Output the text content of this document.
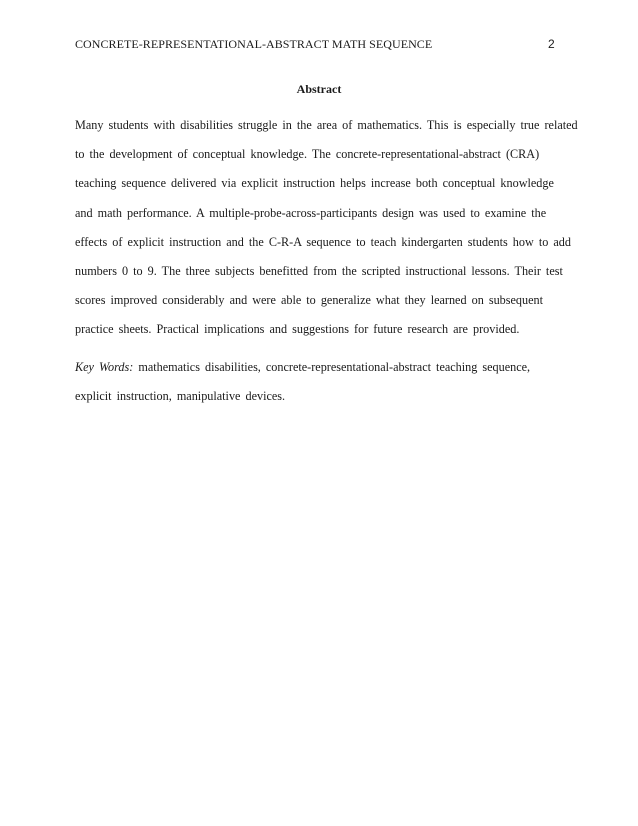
CONCRETE-REPRESENTATIONAL-ABSTRACT MATH SEQUENCE	2
Abstract
Many students with disabilities struggle in the area of mathematics. This is especially true related
to the development of conceptual knowledge. The concrete-representational-abstract (CRA)
teaching sequence delivered via explicit instruction helps increase both conceptual knowledge
and math performance. A multiple-probe-across-participants design was used to examine the
effects of explicit instruction and the C-R-A sequence to teach kindergarten students how to add
numbers 0 to 9. The three subjects benefitted from the scripted instructional lessons. Their test
scores improved considerably and were able to generalize what they learned on subsequent
practice sheets. Practical implications and suggestions for future research are provided.
Key Words: mathematics disabilities, concrete-representational-abstract teaching sequence,
explicit instruction, manipulative devices.
